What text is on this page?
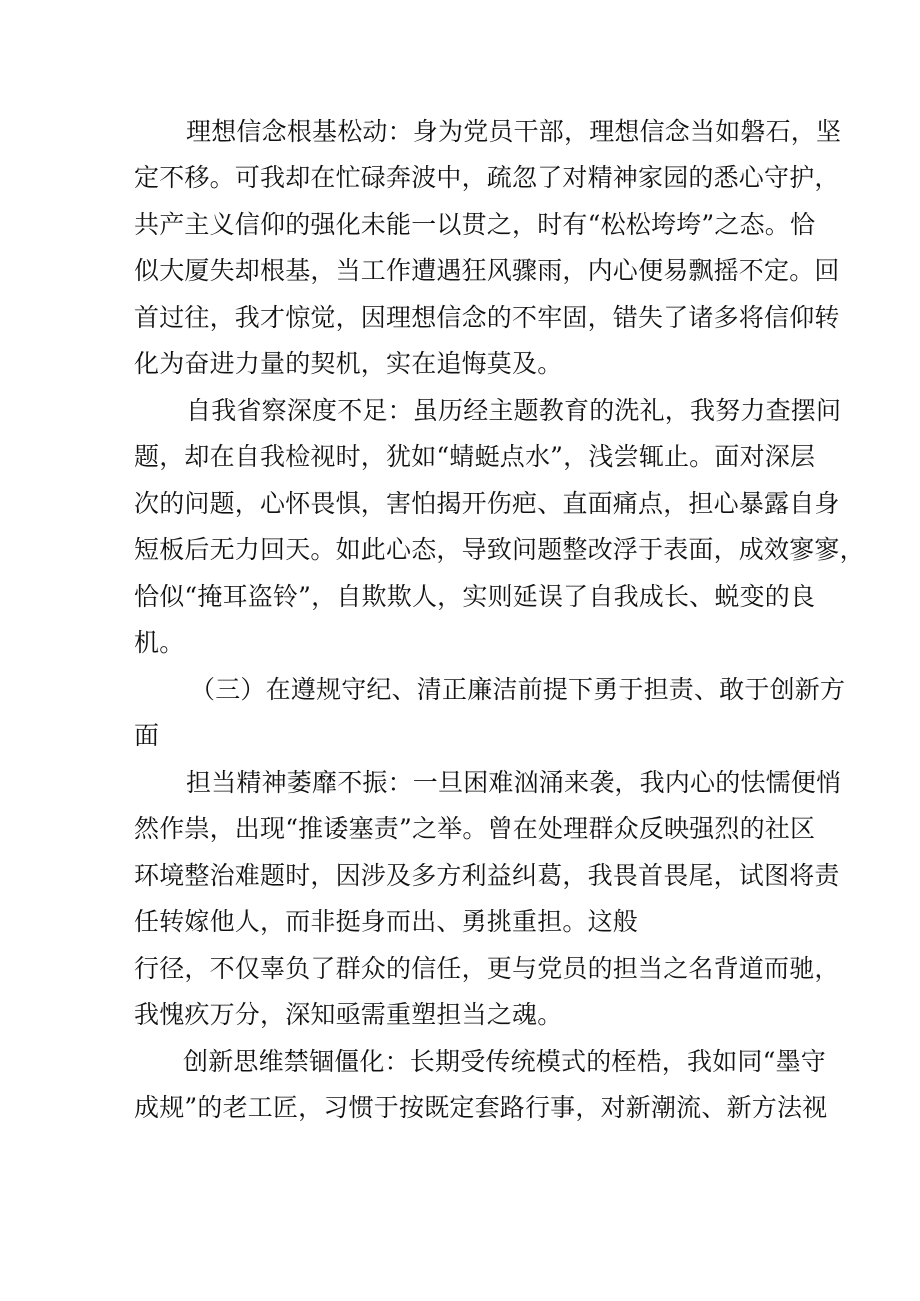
理想信念根基松动：身为党员干部，理想信念当如磐石，坚
定不移。可我却在忙碌奔波中，疏忽了对精神家园的悉心守护，
共产主义信仰的强化未能一以贯之，时有“松松垮垮”之态。恰
似大厦失却根基，当工作遭遇狂风骤雨，内心便易飘摇不定。回
首过往，我才惊觉，因理想信念的不牢固，错失了诸多将信仰转
化为奋进力量的契机，实在追悔莫及。
自我省察深度不足：虽历经主题教育的洗礼，我努力查摆问
题，却在自我检视时，犹如“蜻蜓点水”，浅尝辄止。面对深层
次的问题，心怀畏惧，害怕揭开伤疤、直面痛点，担心暴露自身
短板后无力回天。如此心态，导致问题整改浮于表面，成效寥寥，
恰似“掩耳盗铃”，自欺欺人，实则延误了自我成长、蜕变的良
机。
（三）在遵规守纪、清正廉洁前提下勇于担责、敢于创新方
面
担当精神萎靡不振：一旦困难汹涌来袭，我内心的怯懦便悄
然作祟，出现“推诿塞责”之举。曾在处理群众反映强烈的社区
环境整治难题时，因涉及多方利益纠葛，我畏首畏尾，试图将责
任转嫁他人，而非挺身而出、勇挑重担。这般
行径，不仅辜负了群众的信任，更与党员的担当之名背道而驰，
我愧疚万分，深知亟需重塑担当之魂。
创新思维禁锢僵化：长期受传统模式的桎梏，我如同“墨守
成规”的老工匠，习惯于按既定套路行事，对新潮流、新方法视
